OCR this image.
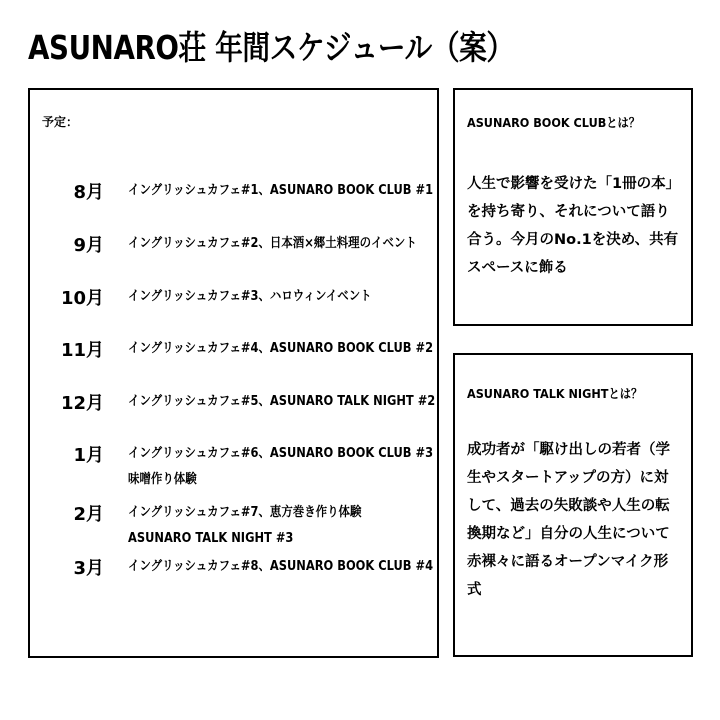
ASUNARO荘 年間スケジュール（案）
予定：
8月 イングリッシュカフェ#1、ASUNARO BOOK CLUB #1
9月 イングリッシュカフェ#2、日本酒×郷土料理のイベント
10月 イングリッシュカフェ#3、ハロウィンイベント
11月 イングリッシュカフェ#4、ASUNARO BOOK CLUB #2
12月 イングリッシュカフェ#5、ASUNARO TALK NIGHT #2
1月 イングリッシュカフェ#6、ASUNARO BOOK CLUB #3
味噌作り体験
2月 イングリッシュカフェ#7、恵方巻き作り体験
ASUNARO TALK NIGHT #3
3月 イングリッシュカフェ#8、ASUNARO BOOK CLUB #4
ASUNARO BOOK CLUBとは？
人生で影響を受けた「1冊の本」を持ち寄り、それについて語り合う。今月のNo.1を決め、共有スペースに飾る
ASUNARO TALK NIGHTとは？
成功者が「駆け出しの若者（学生やスタートアップの方）に対して、過去の失敗談や人生の転換期など」自分の人生について赤裸々に語るオープンマイク形式
